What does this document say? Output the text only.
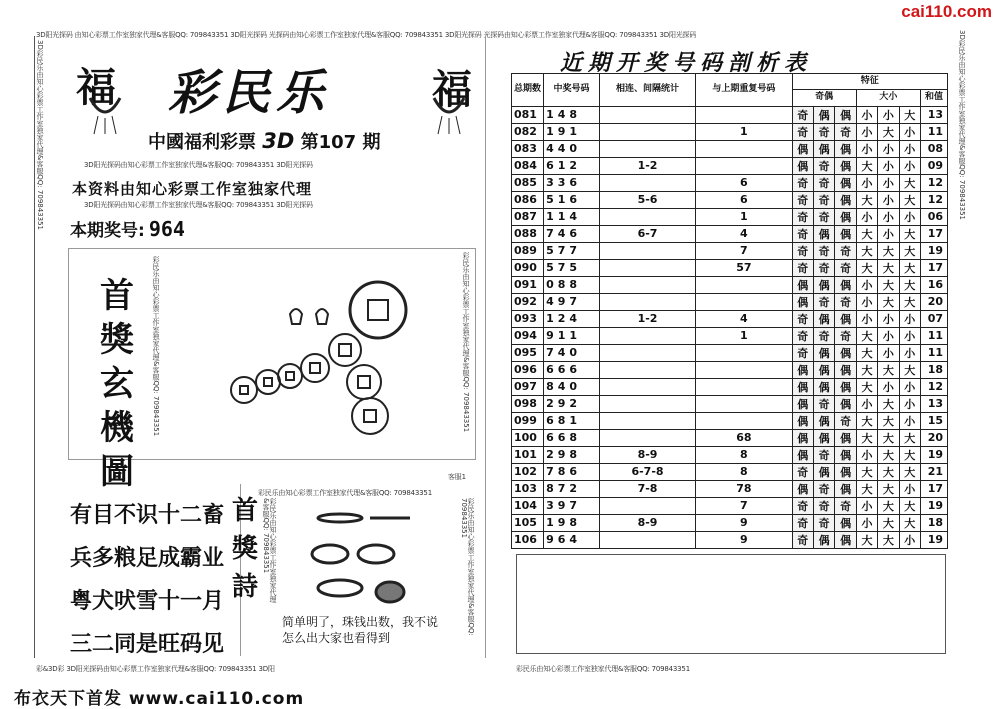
3D阳光探码 由知心彩票工作室独家代理&客服QQ: 709843351 3D阳光探码 光探码由知心彩票工作室独家代理&客服QQ: 709843351 3D阳光探码 光探码由知心彩票工作室独家代理&客服QQ: 709843351 3D阳光探码
cai110.com
3D彩民乐由知心彩票工作室独家代理&客服QQ: 709843351 福	福
彩民乐
中國福利彩票 3D 第107 期
3D阳光探码由知心彩票工作室独家代理&客服QQ: 709843351 3D阳光探码
本资料由知心彩票工作室独家代理
3D阳光探码由知心彩票工作室独家代理&客服QQ: 709843351 3D阳光探码
本期奖号: 964
首獎玄機圖
彩民乐由知心彩票工作室独家代理&客服QQ: 709843351	彩民乐由知心彩票工作室独家代理&客服QQ: 709843351
客服1
有目不识十二畜
兵多粮足成霸业
粤犬吠雪十一月
三二同是旺码见
首獎詩
彩民乐由知心彩票工作室独家代理&客服QQ: 709843351
彩民乐由知心彩票工作室独家代理&客服QQ: 709843351	彩民乐由知心彩票工作室独家代理&客服QQ: 709843351
简单明了，珠钱出数，我不说
怎么出大家也看得到
彩&3D彩 3D阳光探码由知心彩票工作室独家代理&客服QQ: 709843351 3D阳
布衣天下首发 www.cai110.com
近期开奖号码剖析表
总期数	中奖号码	相连、间隔统计	与上期重复号码	特征						
				奇偶			大小			和值
081	148			奇	偶	偶	小	小	大	13
082	191		1	奇	奇	奇	小	大	小	11
083	440			偶	偶	偶	小	小	小	08
084	612	1-2		偶	奇	偶	大	小	小	09
085	336		6	奇	奇	偶	小	小	大	12
086	516	5-6	6	奇	奇	偶	大	小	大	12
087	114		1	奇	奇	偶	小	小	小	06
088	746	6-7	4	奇	偶	偶	大	小	大	17
089	577		7	奇	奇	奇	大	大	大	19
090	575		57	奇	奇	奇	大	大	大	17
091	088			偶	偶	偶	小	大	大	16
092	497			偶	奇	奇	小	大	大	20
093	124	1-2	4	奇	偶	偶	小	小	小	07
094	911		1	奇	奇	奇	大	小	小	11
095	740			奇	偶	偶	大	小	小	11
096	666			偶	偶	偶	大	大	大	18
097	840			偶	偶	偶	大	小	小	12
098	292			偶	奇	偶	小	大	小	13
099	681			偶	偶	奇	大	大	小	15
100	668		68	偶	偶	偶	大	大	大	20
101	298	8-9	8	偶	奇	偶	小	大	大	19
102	786	6-7-8	8	奇	偶	偶	大	大	大	21
103	872	7-8	78	偶	奇	偶	大	大	小	17
104	397		7	奇	奇	奇	小	大	大	19
105	198	8-9	9	奇	奇	偶	小	大	大	18
106	964		9	奇	偶	偶	大	大	小	19
3D彩民乐由知心彩票工作室独家代理&客服QQ: 709843351
彩民乐由知心彩票工作室独家代理&客服QQ: 709843351
